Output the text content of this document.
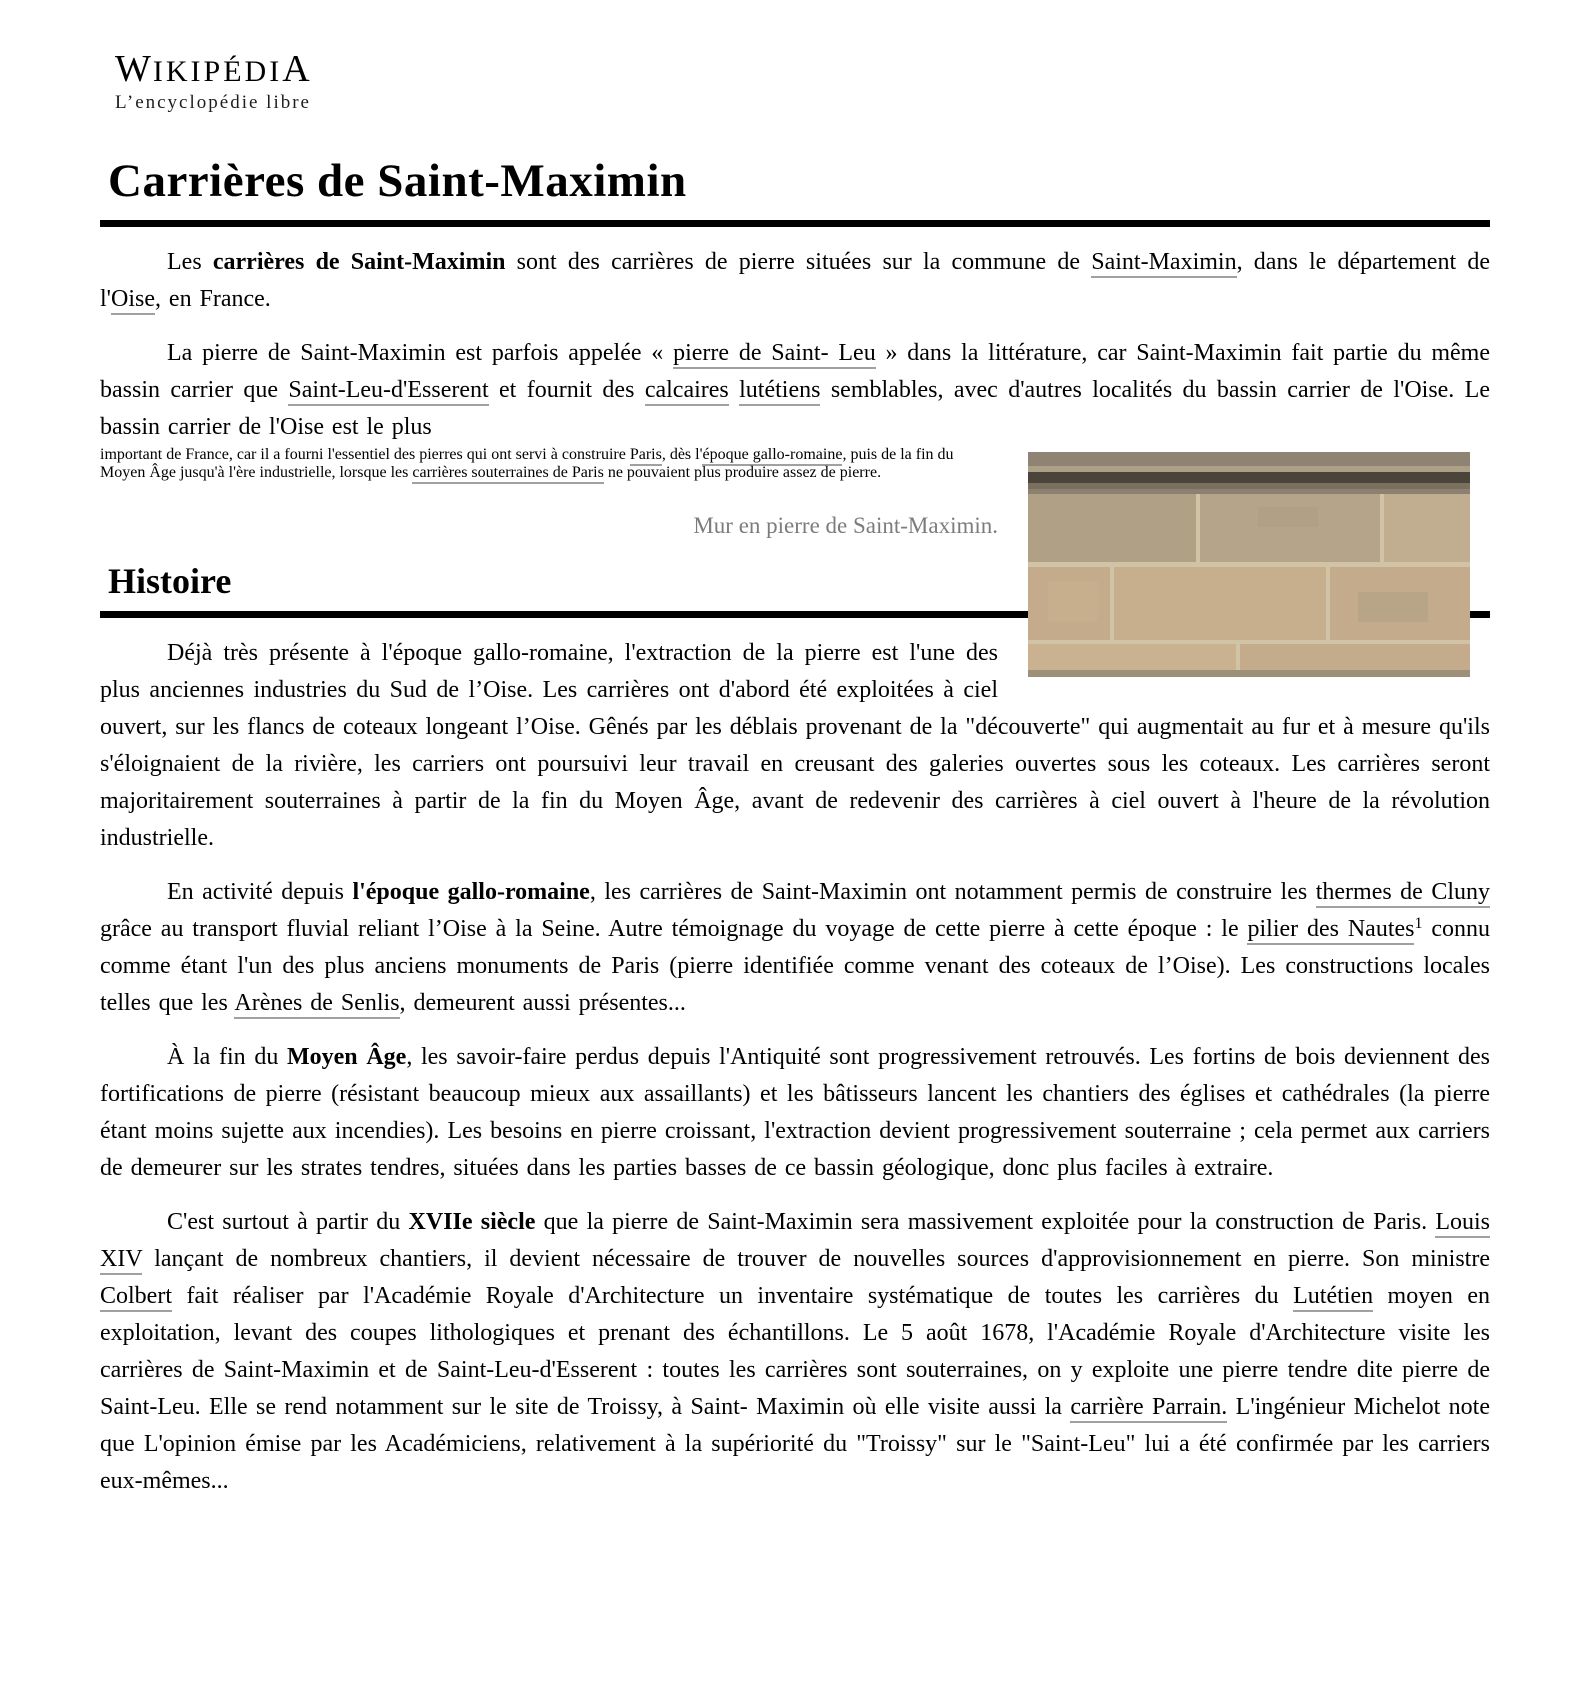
WIKIPÉDIA
L’encyclopédie libre
Carrières de Saint-Maximin

Les carrières de Saint-Maximin sont des carrières de pierre situées sur la commune de Saint-Maximin, dans le département de l'Oise, en France.

La pierre de Saint-Maximin est parfois appelée « pierre de Saint- Leu » dans la littérature, car Saint-Maximin fait partie du même bassin carrier que Saint-Leu-d'Esserent et fournit des calcaires lutétiens semblables, avec d'autres localités du bassin carrier de l'Oise. Le bassin carrier de l'Oise est le plus

important de France, car il a fourni l'essentiel des pierres qui ont servi à construire Paris, dès l'époque gallo-romaine, puis de la fin du Moyen Âge jusqu'à l'ère industrielle, lorsque les carrières souterraines de Paris ne pouvaient plus produire assez de pierre.

Mur en pierre de Saint-Maximin.
Histoire

Déjà très présente à l'époque gallo-romaine, l'extraction de la pierre est l'une des plus anciennes industries du Sud de l’Oise. Les carrières ont d'abord été exploitées à ciel ouvert, sur les flancs de coteaux longeant l’Oise. Gênés par les déblais provenant de la "découverte" qui augmentait au fur et à mesure qu'ils s'éloignaient de la rivière, les carriers ont poursuivi leur travail en creusant des galeries ouvertes sous les coteaux. Les carrières seront majoritairement souterraines à partir de la fin du Moyen Âge, avant de redevenir des carrières à ciel ouvert à l'heure de la révolution industrielle.

En activité depuis l'époque gallo-romaine, les carrières de Saint-Maximin ont notamment permis de construire les thermes de Cluny grâce au transport fluvial reliant l’Oise à la Seine. Autre témoignage du voyage de cette pierre à cette époque : le pilier des Nautes$^1$ connu comme étant l'un des plus anciens monuments de Paris (pierre identifiée comme venant des coteaux de l’Oise). Les constructions locales telles que les Arènes de Senlis, demeurent aussi présentes...

À la fin du Moyen Âge, les savoir-faire perdus depuis l'Antiquité sont progressivement retrouvés. Les fortins de bois deviennent des fortifications de pierre (résistant beaucoup mieux aux assaillants) et les bâtisseurs lancent les chantiers des églises et cathédrales (la pierre étant moins sujette aux incendies). Les besoins en pierre croissant, l'extraction devient progressivement souterraine ; cela permet aux carriers de demeurer sur les strates tendres, situées dans les parties basses de ce bassin géologique, donc plus faciles à extraire.

C'est surtout à partir du XVIIe siècle que la pierre de Saint-Maximin sera massivement exploitée pour la construction de Paris. Louis XIV lançant de nombreux chantiers, il devient nécessaire de trouver de nouvelles sources d'approvisionnement en pierre. Son ministre Colbert fait réaliser par l'Académie Royale d'Architecture un inventaire systématique de toutes les carrières du Lutétien moyen en exploitation, levant des coupes lithologiques et prenant des échantillons. Le 5 août 1678, l'Académie Royale d'Architecture visite les carrières de Saint-Maximin et de Saint-Leu-d'Esserent : toutes les carrières sont souterraines, on y exploite une pierre tendre dite pierre de Saint-Leu. Elle se rend notamment sur le site de Troissy, à Saint- Maximin où elle visite aussi la carrière Parrain. L'ingénieur Michelot note que L'opinion émise par les Académiciens, relativement à la supériorité du "Troissy" sur le "Saint-Leu" lui a été confirmée par les carriers eux-mêmes...
